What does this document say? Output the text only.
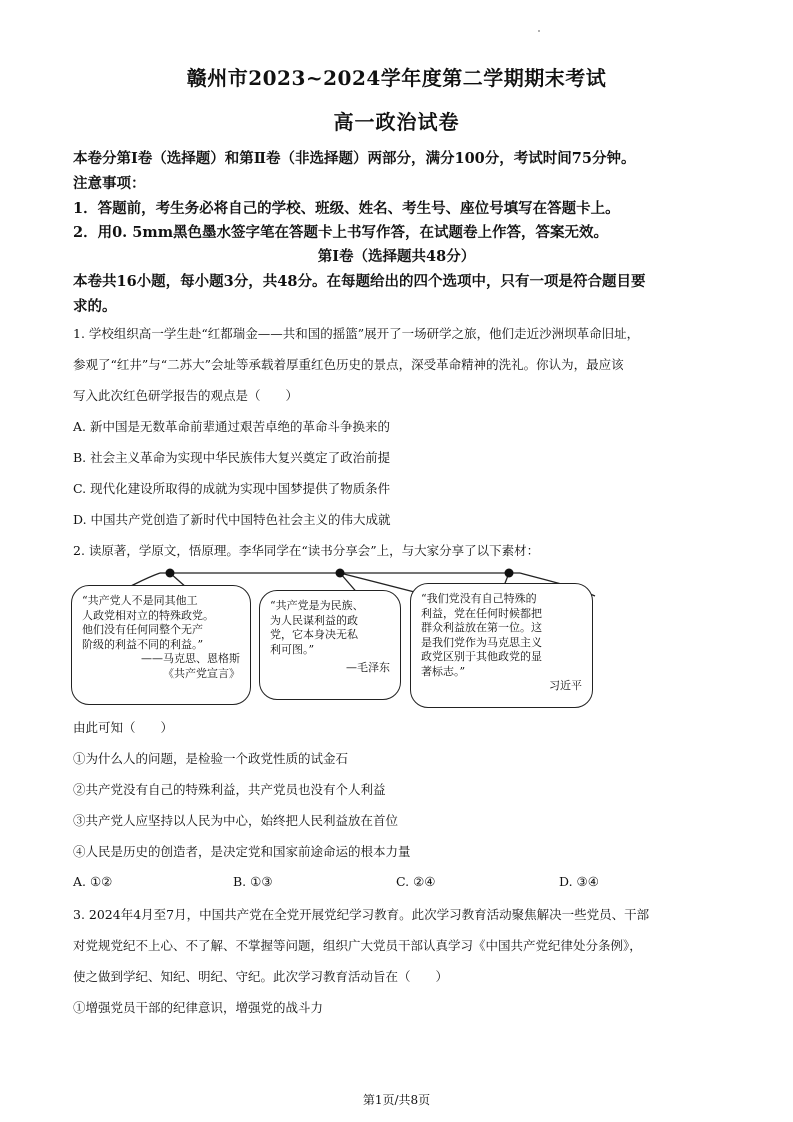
赣州市2023~2024学年度第二学期期末考试
高一政治试卷
本卷分第Ⅰ卷（选择题）和第Ⅱ卷（非选择题）两部分，满分100分，考试时间75分钟。
注意事项：
1．答题前，考生务必将自己的学校、班级、姓名、考生号、座位号填写在答题卡上。
2．用0. 5mm黑色墨水签字笔在答题卡上书写作答，在试题卷上作答，答案无效。
第Ⅰ卷（选择题共48分）
本卷共16小题，每小题3分，共48分。在每题给出的四个选项中，只有一项是符合题目要
求的。
1. 学校组织高一学生赴“红都瑞金——共和国的摇篮”展开了一场研学之旅，他们走近沙洲坝革命旧址，
参观了“红井”与“二苏大”会址等承载着厚重红色历史的景点，深受革命精神的洗礼。你认为，最应该
写入此次红色研学报告的观点是（　　）
A. 新中国是无数革命前辈通过艰苦卓绝的革命斗争换来的
B. 社会主义革命为实现中华民族伟大复兴奠定了政治前提
C. 现代化建设所取得的成就为实现中国梦提供了物质条件
D. 中国共产党创造了新时代中国特色社会主义的伟大成就
2. 读原著，学原文，悟原理。李华同学在“读书分享会”上，与大家分享了以下素材：
“共产党人不是同其他工
人政党相对立的特殊政党。
他们没有任何同整个无产
阶级的利益不同的利益。”
——马克思、恩格斯
《共产党宣言》
“共产党是为民族、
为人民谋利益的政
党，它本身决无私
利可图。”
—毛泽东
“我们党没有自己特殊的
利益，党在任何时候都把
群众利益放在第一位。这
是我们党作为马克思主义
政党区别于其他政党的显
著标志。”
习近平
由此可知（　　）
①为什么人的问题，是检验一个政党性质的试金石
②共产党没有自己的特殊利益，共产党员也没有个人利益
③共产党人应坚持以人民为中心，始终把人民利益放在首位
④人民是历史的创造者，是决定党和国家前途命运的根本力量
A. ①②	B. ①③	C. ②④	D. ③④
3. 2024年4月至7月，中国共产党在全党开展党纪学习教育。此次学习教育活动聚焦解决一些党员、干部
对党规党纪不上心、不了解、不掌握等问题，组织广大党员干部认真学习《中国共产党纪律处分条例》，
使之做到学纪、知纪、明纪、守纪。此次学习教育活动旨在（　　）
①增强党员干部的纪律意识，增强党的战斗力
第1页/共8页
